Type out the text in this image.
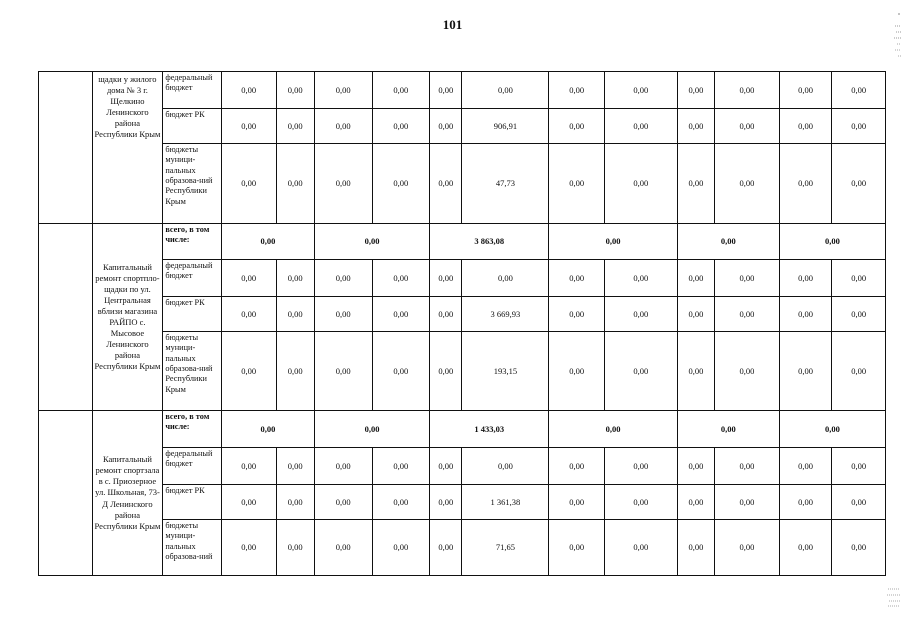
101
	щадки у жилого дома № 3 г. Щелкино Ленинского района Республики Крым	федеральный бюджет	0,00	0,00	0,00	0,00	0,00	0,00	0,00	0,00	0,00	0,00	0,00	0,00
		бюджет РК	0,00	0,00	0,00	0,00	0,00	906,91	0,00	0,00	0,00	0,00	0,00	0,00
		бюджеты муници-пальных образова-ний Республики Крым	0,00	0,00	0,00	0,00	0,00	47,73	0,00	0,00	0,00	0,00	0,00	0,00
	Капитальный ремонт спортпло-щадки по ул. Центральная вблизи магазина РАЙПО с. Мысовое Ленинского района Республики Крым	всего, в том числе:	0,00		0,00		3 863,08		0,00		0,00		0,00	
		федеральный бюджет	0,00	0,00	0,00	0,00	0,00	0,00	0,00	0,00	0,00	0,00	0,00	0,00
		бюджет РК	0,00	0,00	0,00	0,00	0,00	3 669,93	0,00	0,00	0,00	0,00	0,00	0,00
		бюджеты муници-пальных образова-ний Республики Крым	0,00	0,00	0,00	0,00	0,00	193,15	0,00	0,00	0,00	0,00	0,00	0,00
	Капитальный ремонт спортзала в с. Приозерное ул. Школьная, 73-Д Ленинского района Республики Крым	всего, в том числе:	0,00		0,00		1 433,03		0,00		0,00		0,00	
		федеральный бюджет	0,00	0,00	0,00	0,00	0,00	0,00	0,00	0,00	0,00	0,00	0,00	0,00
		бюджет РК	0,00	0,00	0,00	0,00	0,00	1 361,38	0,00	0,00	0,00	0,00	0,00	0,00
		бюджеты муници-пальных образова-ний	0,00	0,00	0,00	0,00	0,00	71,65	0,00	0,00	0,00	0,00	0,00	0,00
